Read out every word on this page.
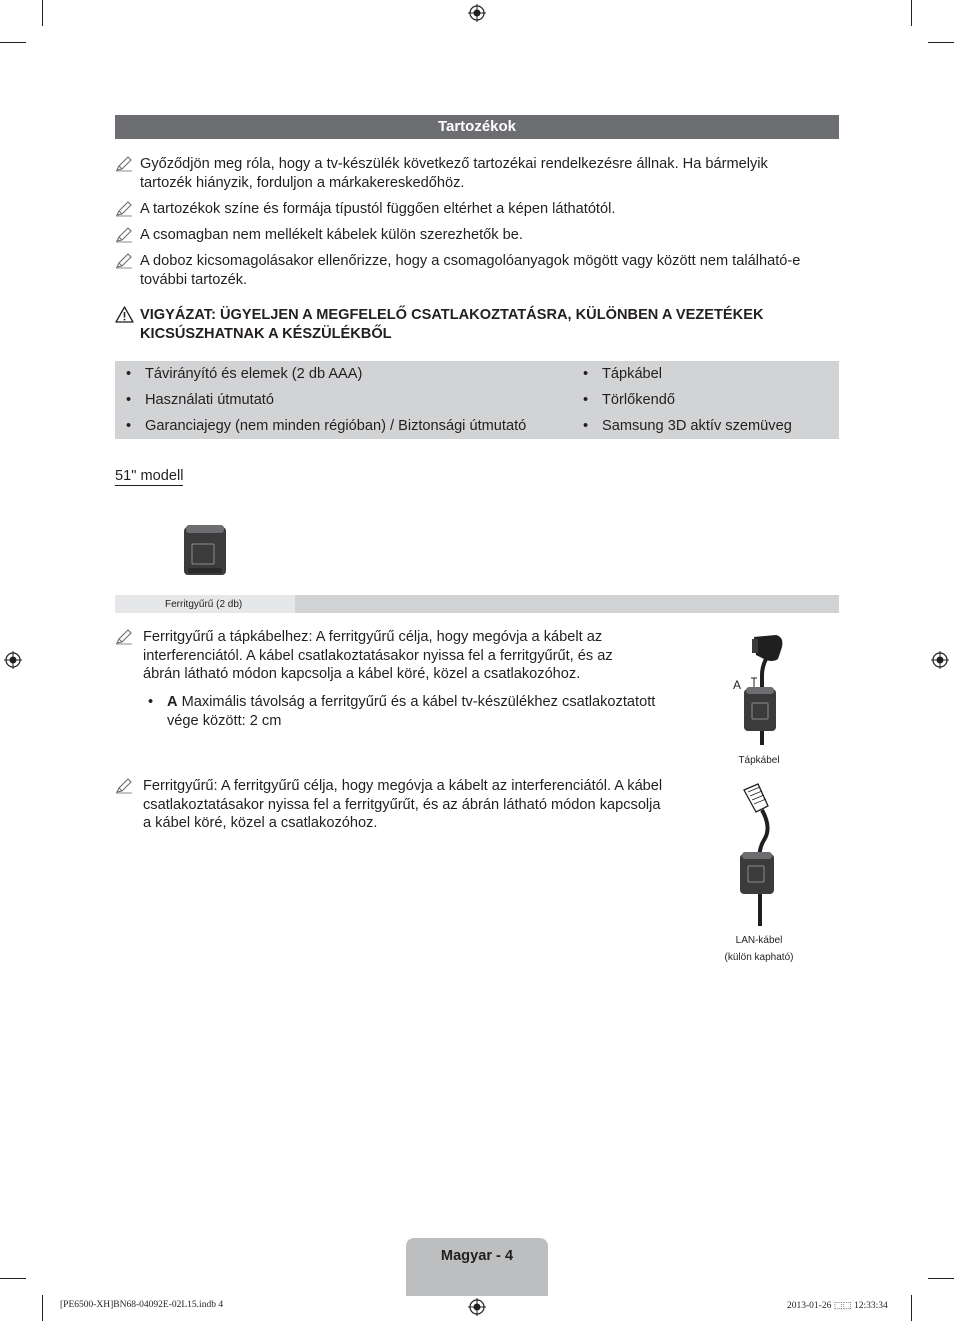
Tartozékok
Győződjön meg róla, hogy a tv-készülék következő tartozékai rendelkezésre állnak. Ha bármelyik tartozék hiányzik, forduljon a márkakereskedőhöz.
A tartozékok színe és formája típustól függően eltérhet a képen láthatótól.
A csomagban nem mellékelt kábelek külön szerezhetők be.
A doboz kicsomagolásakor ellenőrizze, hogy a csomagolóanyagok mögött vagy között nem található-e további tartozék.
VIGYÁZAT: ÜGYELJEN A MEGFELELŐ CSATLAKOZTATÁSRA, KÜLÖNBEN A VEZETÉKEK KICSÚSZHATNAK A KÉSZÜLÉKBŐL
• Távirányító és elemek (2 db AAA)
• Használati útmutató
• Garanciajegy (nem minden régióban) / Biztonsági útmutató
• Tápkábel
• Törlőkendő
• Samsung 3D aktív szemüveg
51" modell
Ferritgyűrű (2 db)
Ferritgyűrű a tápkábelhez: A ferritgyűrű célja, hogy megóvja a kábelt az interferenciától. A kábel csatlakoztatásakor nyissa fel a ferritgyűrűt, és az ábrán látható módon kapcsolja a kábel köré, közel a csatlakozóhoz.
• A Maximális távolság a ferritgyűrű és a kábel tv-készülékhez csatlakoztatott vége között: 2 cm
Ferritgyűrű: A ferritgyűrű célja, hogy megóvja a kábelt az interferenciától. A kábel csatlakoztatásakor nyissa fel a ferritgyűrűt, és az ábrán látható módon kapcsolja a kábel köré, közel a csatlakozóhoz.
A
Tápkábel
LAN-kábel
(külön kapható)
Magyar - 4
[PE6500-XH]BN68-04092E-02L15.indb 4	2013-01-26 ⬚⬚ 12:33:34
